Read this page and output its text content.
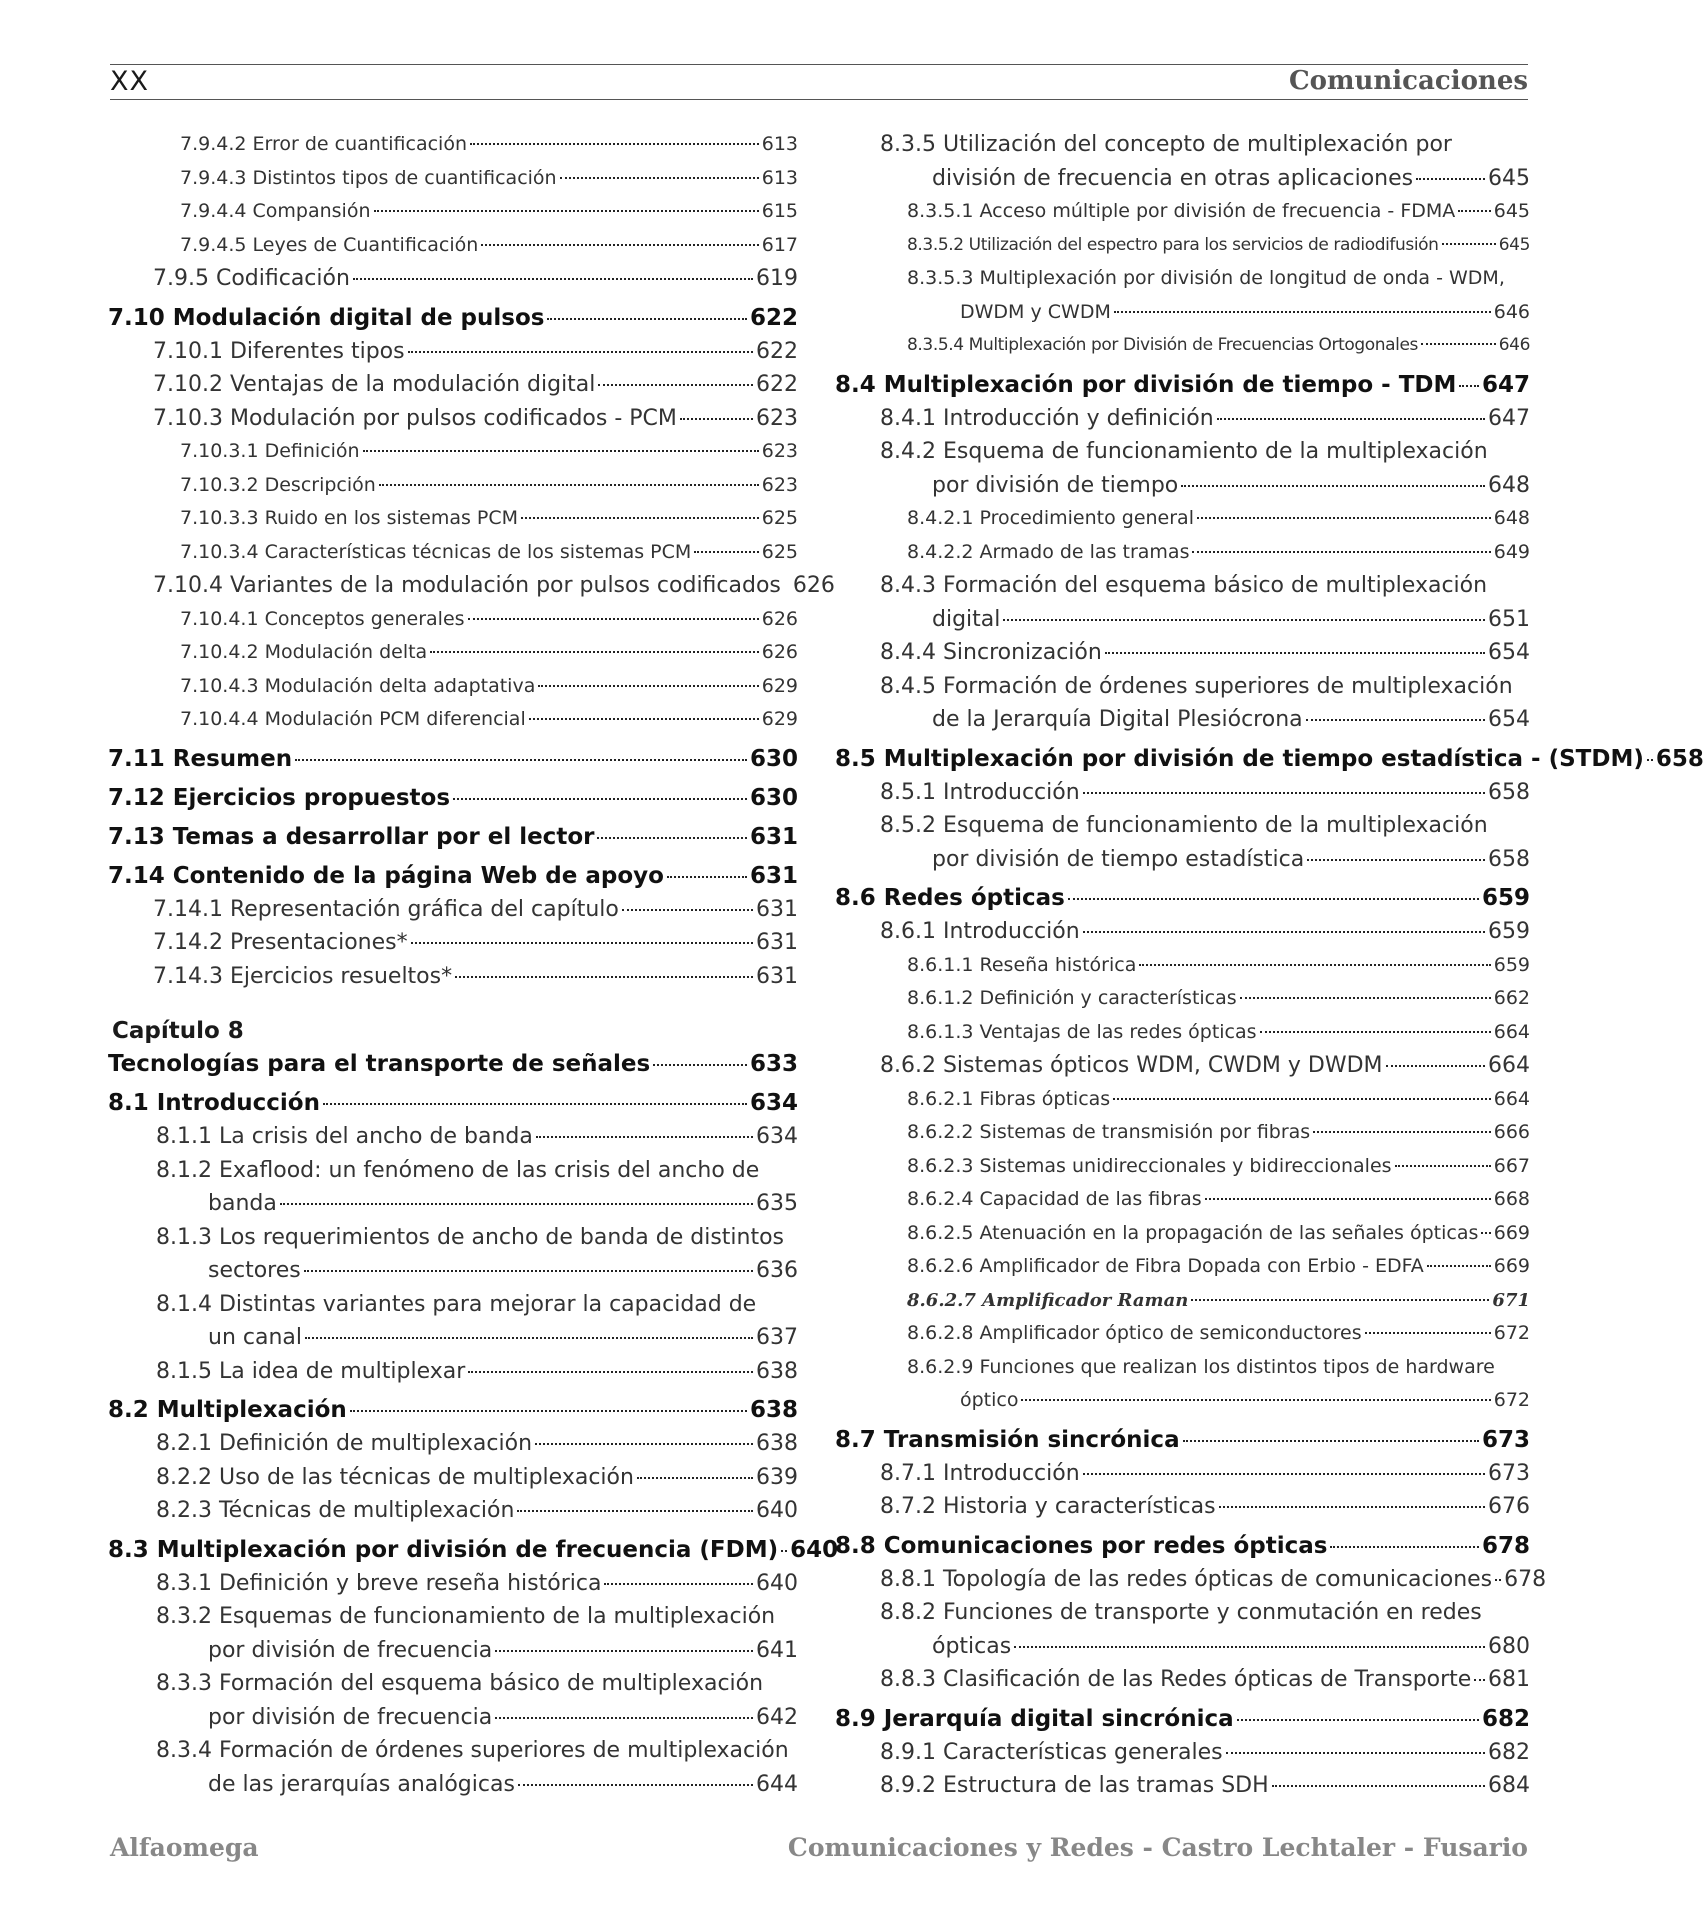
XX	Comunicaciones
7.9.4.2 Error de cuantificación	613
7.9.4.3 Distintos tipos de cuantificación	613
7.9.4.4 Compansión	615
7.9.4.5 Leyes de Cuantificación	617
7.9.5 Codificación	619
7.10 Modulación digital de pulsos	622
7.10.1 Diferentes tipos	622
7.10.2 Ventajas de la modulación digital	622
7.10.3 Modulación por pulsos codificados - PCM	623
7.10.3.1 Definición	623
7.10.3.2 Descripción	623
7.10.3.3 Ruido en los sistemas PCM	625
7.10.3.4 Características técnicas de los sistemas PCM	625
7.10.4 Variantes de la modulación por pulsos codificados 626
7.10.4.1 Conceptos generales	626
7.10.4.2 Modulación delta	626
7.10.4.3 Modulación delta adaptativa	629
7.10.4.4 Modulación PCM diferencial	629
7.11 Resumen	630
7.12 Ejercicios propuestos	630
7.13 Temas a desarrollar por el lector	631
7.14 Contenido de la página Web de apoyo	631
7.14.1 Representación gráfica del capítulo	631
7.14.2 Presentaciones*	631
7.14.3 Ejercicios resueltos*	631
Capítulo 8
Tecnologías para el transporte de señales	633
8.1 Introducción	634
8.1.1 La crisis del ancho de banda	634
8.1.2 Exaflood: un fenómeno de las crisis del ancho de
banda	635
8.1.3 Los requerimientos de ancho de banda de distintos
sectores	636
8.1.4 Distintas variantes para mejorar la capacidad de
un canal	637
8.1.5 La idea de multiplexar	638
8.2 Multiplexación	638
8.2.1 Definición de multiplexación	638
8.2.2 Uso de las técnicas de multiplexación	639
8.2.3 Técnicas de multiplexación	640
8.3 Multiplexación por división de frecuencia (FDM) 640
8.3.1 Definición y breve reseña histórica	640
8.3.2 Esquemas de funcionamiento de la multiplexación
por división de frecuencia	641
8.3.3 Formación del esquema básico de multiplexación
por división de frecuencia	642
8.3.4 Formación de órdenes superiores de multiplexación
de las jerarquías analógicas	644
8.3.5 Utilización del concepto de multiplexación por
división de frecuencia en otras aplicaciones	645
8.3.5.1 Acceso múltiple por división de frecuencia - FDMA 645
8.3.5.2 Utilización del espectro para los servicios de radiodifusión	645
8.3.5.3 Multiplexación por división de longitud de onda - WDM,
DWDM y CWDM	646
8.3.5.4 Multiplexación por División de Frecuencias Ortogonales	646
8.4 Multiplexación por división de tiempo - TDM 647
8.4.1 Introducción y definición	647
8.4.2 Esquema de funcionamiento de la multiplexación
por división de tiempo	648
8.4.2.1 Procedimiento general	648
8.4.2.2 Armado de las tramas	649
8.4.3 Formación del esquema básico de multiplexación
digital	651
8.4.4 Sincronización	654
8.4.5 Formación de órdenes superiores de multiplexación
de la Jerarquía Digital Plesiócrona	654
8.5 Multiplexación por división de tiempo estadística - (STDM) 658
8.5.1 Introducción	658
8.5.2 Esquema de funcionamiento de la multiplexación
por división de tiempo estadística	658
8.6 Redes ópticas	659
8.6.1 Introducción	659
8.6.1.1 Reseña histórica	659
8.6.1.2 Definición y características	662
8.6.1.3 Ventajas de las redes ópticas	664
8.6.2 Sistemas ópticos WDM, CWDM y DWDM	664
8.6.2.1 Fibras ópticas	664
8.6.2.2 Sistemas de transmisión por fibras	666
8.6.2.3 Sistemas unidireccionales y bidireccionales	667
8.6.2.4 Capacidad de las fibras	668
8.6.2.5 Atenuación en la propagación de las señales ópticas 669
8.6.2.6 Amplificador de Fibra Dopada con Erbio - EDFA	669
8.6.2.7 Amplificador Raman	671
8.6.2.8 Amplificador óptico de semiconductores	672
8.6.2.9 Funciones que realizan los distintos tipos de hardware
óptico	672
8.7 Transmisión sincrónica	673
8.7.1 Introducción	673
8.7.2 Historia y características	676
8.8 Comunicaciones por redes ópticas	678
8.8.1 Topología de las redes ópticas de comunicaciones 678
8.8.2 Funciones de transporte y conmutación en redes
ópticas	680
8.8.3 Clasificación de las Redes ópticas de Transporte 681
8.9 Jerarquía digital sincrónica	682
8.9.1 Características generales	682
8.9.2 Estructura de las tramas SDH	684
Alfaomega	Comunicaciones y Redes - Castro Lechtaler - Fusario
